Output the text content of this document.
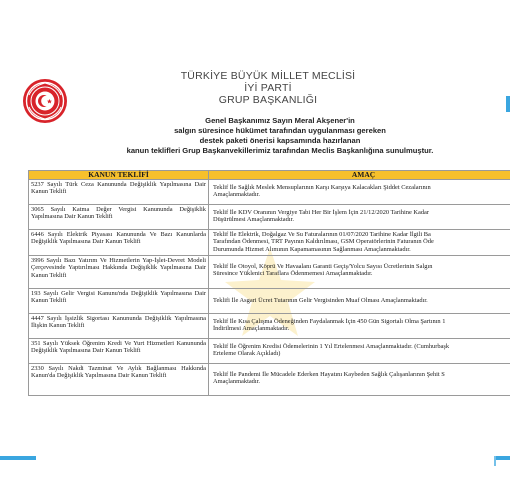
TÜRKİYE BÜYÜK MİLLET MECLİSİ
İYİ PARTİ
GRUP BAŞKANLIĞI
Genel Başkanımız Sayın Meral Akşener'in
salgın süresince hükümet tarafından uygulanması gereken
destek paketi önerisi kapsamında hazırlanan
kanun teklifleri Grup Başkanvekillerimiz tarafından Meclis Başkanlığına sunulmuştur.
KANUN TEKLİFİ	AMAÇ
5237 Sayılı Türk Ceza Kanununda Değişiklik Yapılmasına Dair Kanun Teklifi	Teklif İle Sağlık Meslek Mensuplarının Karşı Karşıya Kalacakları Şiddet Cezalarının
Amaçlanmaktadır.

3065 Sayılı Katma Değer Vergisi Kanununda Değişiklik Yapılmasına Dair Kanun Teklifi	Teklif İle KDV Oranının Vergiye Tabi Her Bir İşlem İçin 21/12/2020 Tarihine Kadar
Düşürülmesi Amaçlanmaktadır.

6446 Sayılı Elektrik Piyasası Kanununda Ve Bazı Kanunlarda Değişiklik Yapılmasına Dair Kanun Teklifi	Teklif İle Elektrik, Doğalgaz Ve Su Faturalarının 01/07/2020 Tarihine Kadar İlgili Ba
Tarafından Ödenmesi, TRT Payının Kaldırılması, GSM Operatörlerinin Faturanın Öde
Durumunda Hizmet Alımının Kapamamasının Sağlanması Amaçlanmaktadır.

3996 Sayılı Bazı Yatırım Ve Hizmetlerin Yap-İşlet-Devret Modeli Çerçevesinde Yaptırılması Hakkında Değişiklik Yapılmasına Dair Kanun Teklifi	Teklif İle Otoyol, Köprü Ve Havaalanı Garanti Geçiş/Yolcu Sayısı Ücretlerinin Salgın
Süresince Yüklenici Taraflara Ödenmemesi Amaçlanmaktadır.

193 Sayılı Gelir Vergisi Kanunu'nda Değişiklik Yapılmasına Dair Kanun Teklifi	Teklifi İle Asgari Ücret Tutarının Gelir Vergisinden Muaf Olması Amaçlanmaktadır.

4447 Sayılı İşsizlik Sigortası Kanununda Değişiklik Yapılmasına İlişkin Kanun Teklifi	Teklif İle Kısa Çalışma Ödeneğinden Faydalanmak İçin 450 Gün Sigortalı Olma Şartının 1
İndirilmesi Amaçlanmaktadır.

351 Sayılı Yüksek Öğrenim Kredi Ve Yurt Hizmetleri Kanununda Değişiklik Yapılmasına Dair Kanun Teklifi	Teklif İle Öğrenim Kredisi Ödemelerinin 1 Yıl Ertelenmesi Amaçlanmaktadır. (Cumhurbaşk
Erteleme Olarak Açıkladı)

2330 Sayılı Nakdi Tazminat Ve Aylık Bağlanması Hakkında Kanun'da Değişiklik Yapılmasına Dair Kanun Teklifi	Teklif İle Pandemi İle Mücadele Ederken Hayatını Kaybeden Sağlık Çalışanlarının Şehit S
Amaçlanmaktadır.
